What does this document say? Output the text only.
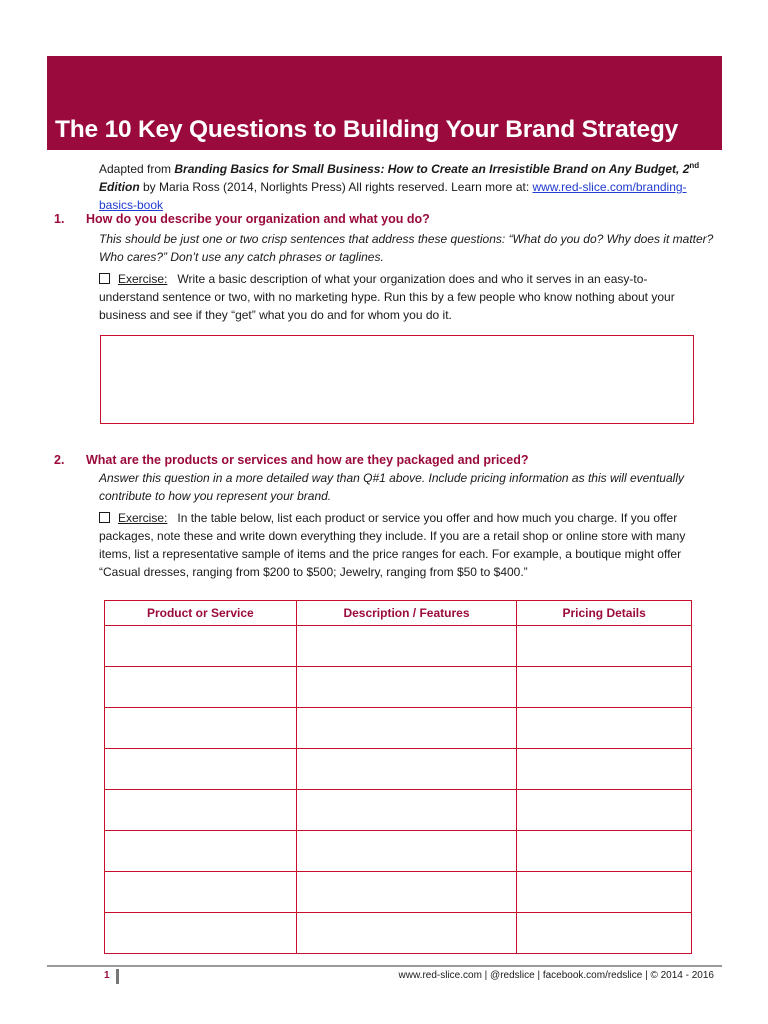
The 10 Key Questions to Building Your Brand Strategy
Adapted from Branding Basics for Small Business: How to Create an Irresistible Brand on Any Budget, 2nd Edition by Maria Ross (2014, Norlights Press) All rights reserved. Learn more at: www.red-slice.com/branding-basics-book
1. How do you describe your organization and what you do?
This should be just one or two crisp sentences that address these questions: “What do you do? Why does it matter? Who cares?” Don’t use any catch phrases or taglines.
Exercise: Write a basic description of what your organization does and who it serves in an easy-to-understand sentence or two, with no marketing hype. Run this by a few people who know nothing about your business and see if they “get” what you do and for whom you do it.
2. What are the products or services and how are they packaged and priced?
Answer this question in a more detailed way than Q#1 above. Include pricing information as this will eventually contribute to how you represent your brand.
Exercise: In the table below, list each product or service you offer and how much you charge. If you offer packages, note these and write down everything they include. If you are a retail shop or online store with many items, list a representative sample of items and the price ranges for each. For example, a boutique might offer “Casual dresses, ranging from $200 to $500; Jewelry, ranging from $50 to $400.”
Product or Service	Description / Features	Pricing Details

1	www.red-slice.com | @redslice | facebook.com/redslice | © 2014 - 2016
